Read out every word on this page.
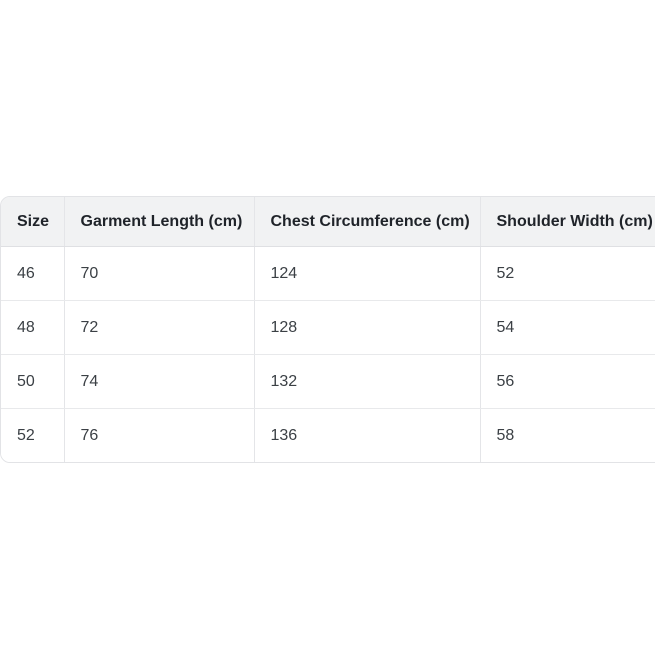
Size	Garment Length (cm)	Chest Circumference (cm)	Shoulder Width (cm)
46	70	124	52
48	72	128	54
50	74	132	56
52	76	136	58
